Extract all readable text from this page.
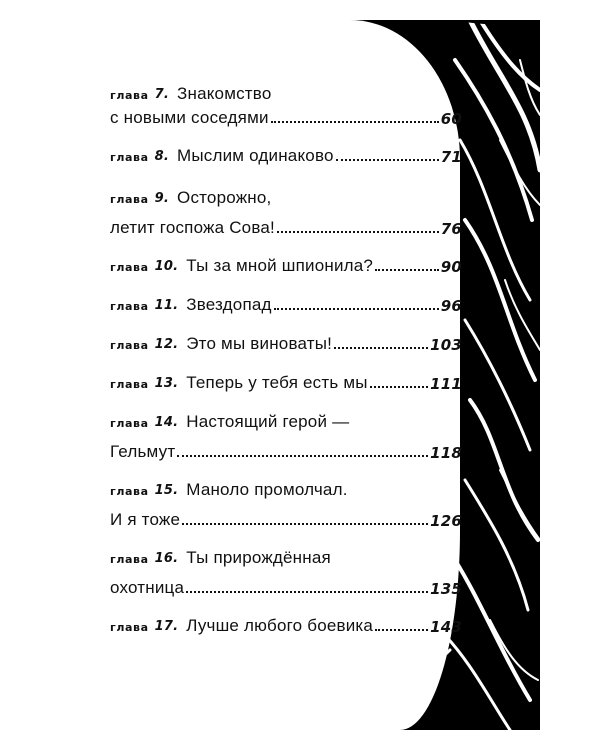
глава 7. Знакомство
с новыми соседями	60
глава 8. Мыслим одинаково	71
глава 9. Осторожно,
летит госпожа Сова!	76
глава 10. Ты за мной шпионила?	90
глава 11. Звездопад	96
глава 12. Это мы виноваты!	103
глава 13. Теперь у тебя есть мы	111
глава 14. Настоящий герой —
Гельмут	118
глава 15. Маноло промолчал.
И я тоже	126
глава 16. Ты прирождённая
охотница	135
глава 17. Лучше любого боевика	143
